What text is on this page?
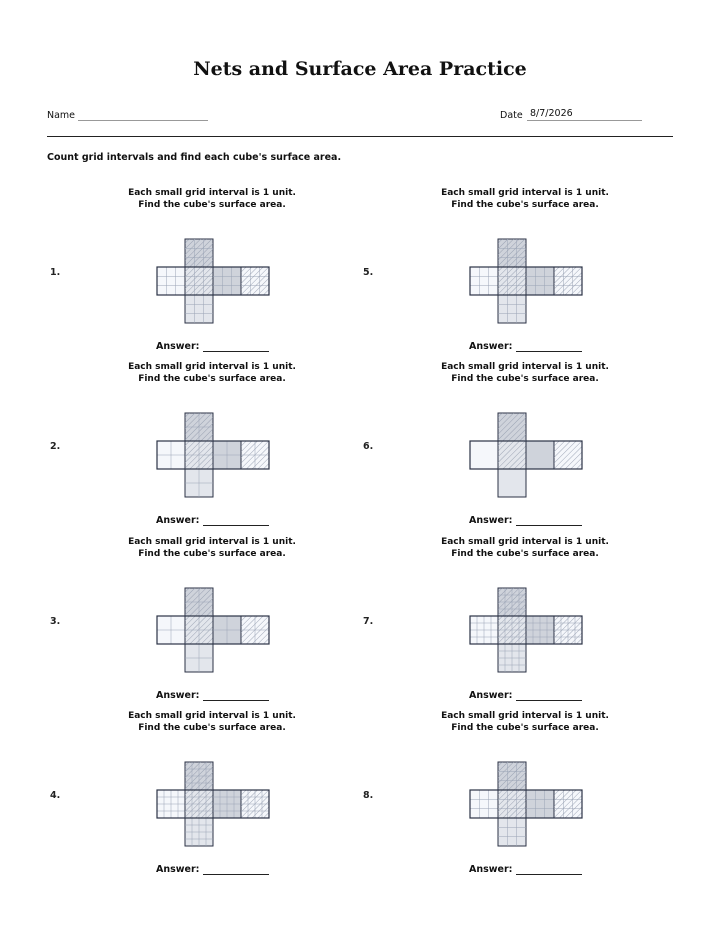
Nets and Surface Area Practice
Name	Date 8/7/2026
Count grid intervals and find each cube's surface area.
Each small grid interval is 1 unit.
Find the cube's surface area.
1.
Answer:
Each small grid interval is 1 unit.
Find the cube's surface area.
2.
Answer:
Each small grid interval is 1 unit.
Find the cube's surface area.
3.
Answer:
Each small grid interval is 1 unit.
Find the cube's surface area.
4.
Answer:
Each small grid interval is 1 unit.
Find the cube's surface area.
5.
Answer:
Each small grid interval is 1 unit.
Find the cube's surface area.
6.
Answer:
Each small grid interval is 1 unit.
Find the cube's surface area.
7.
Answer:
Each small grid interval is 1 unit.
Find the cube's surface area.
8.
Answer:
